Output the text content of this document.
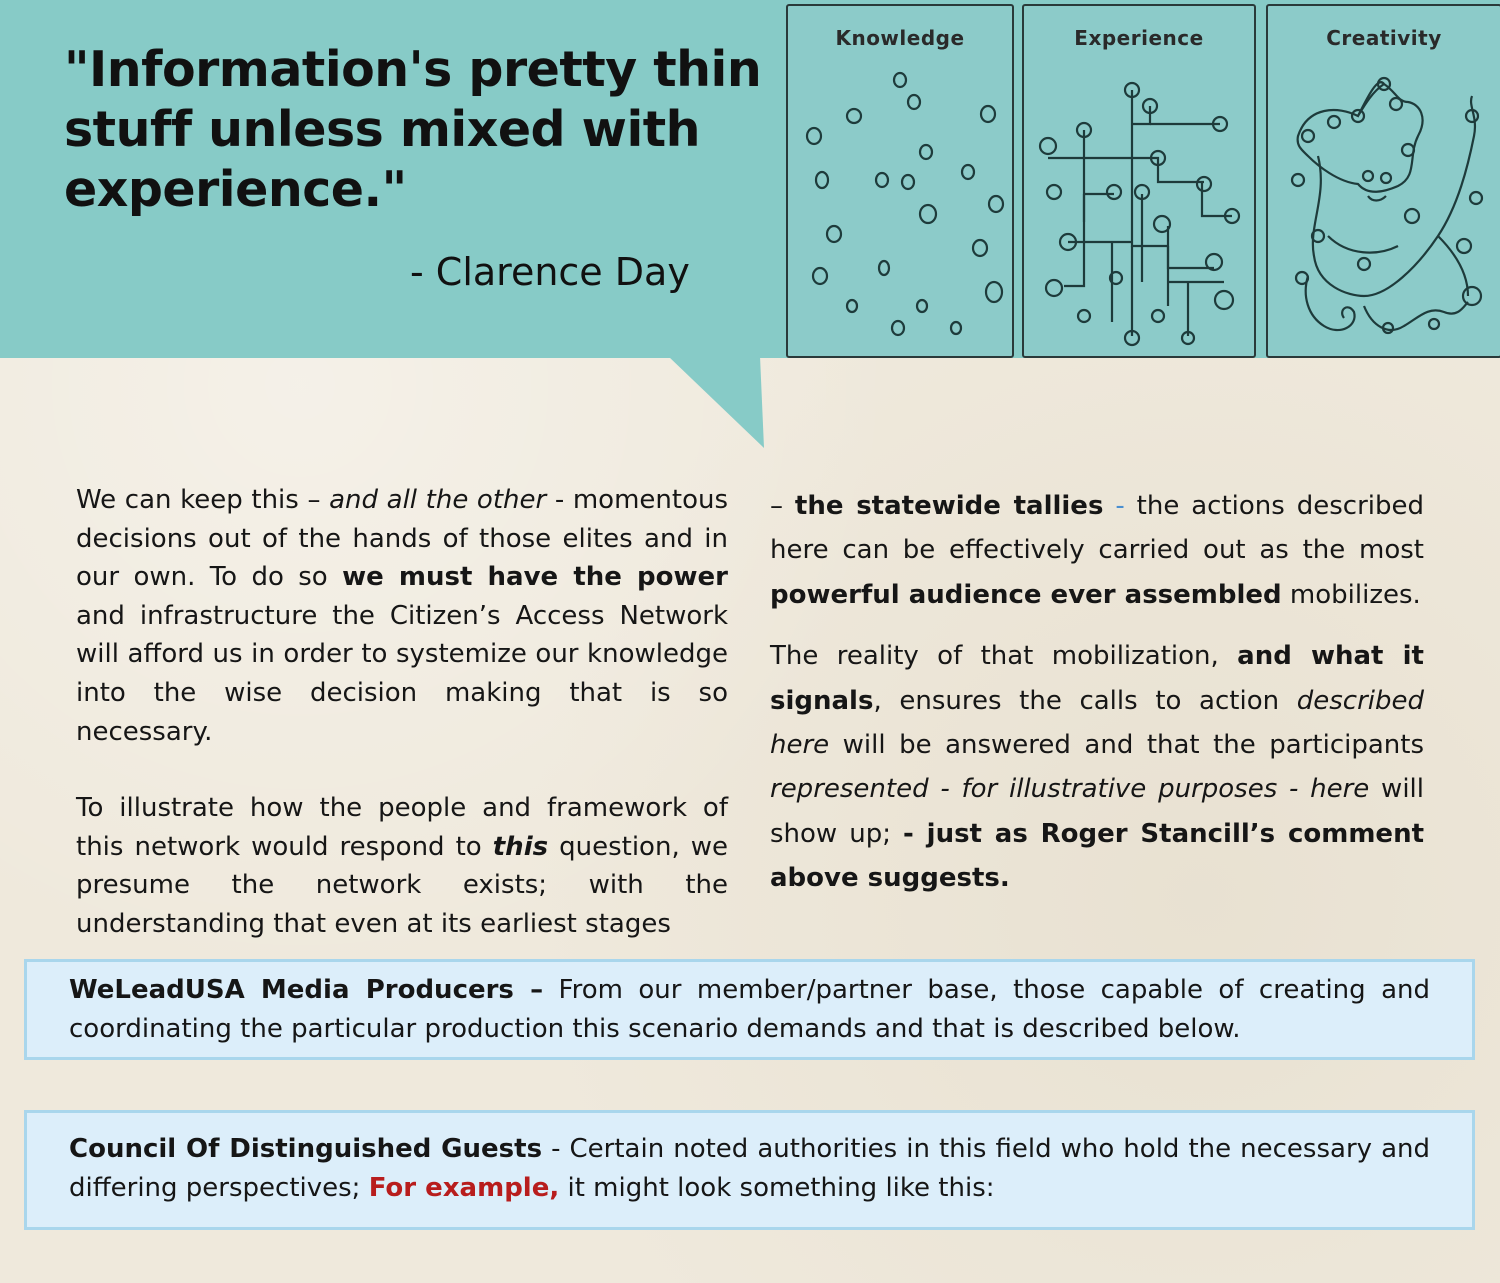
"Information's pretty thin
stuff unless mixed with
experience."
- Clarence Day
Knowledge	Experience	Creativity

We can keep this – and all the other - momentous decisions out of the hands of those elites and in our own. To do so we must have the power and infrastructure the Citizen’s Access Network will afford us in order to systemize our knowledge into the wise decision making that is so necessary.

To illustrate how the people and framework of this network would respond to this question, we presume the network exists; with the understanding that even at its earliest stages

– the statewide tallies - the actions described here can be effectively carried out as the most powerful audience ever assembled mobilizes.

The reality of that mobilization, and what it signals, ensures the calls to action described here will be answered and that the participants represented - for illustrative purposes - here will show up; - just as Roger Stancill’s comment above suggests.

WeLeadUSA Media Producers – From our member/partner base, those capable of creating and coordinating the particular production this scenario demands and that is described below.

Council Of Distinguished Guests - Certain noted authorities in this field who hold the necessary and differing perspectives; For example, it might look something like this:
